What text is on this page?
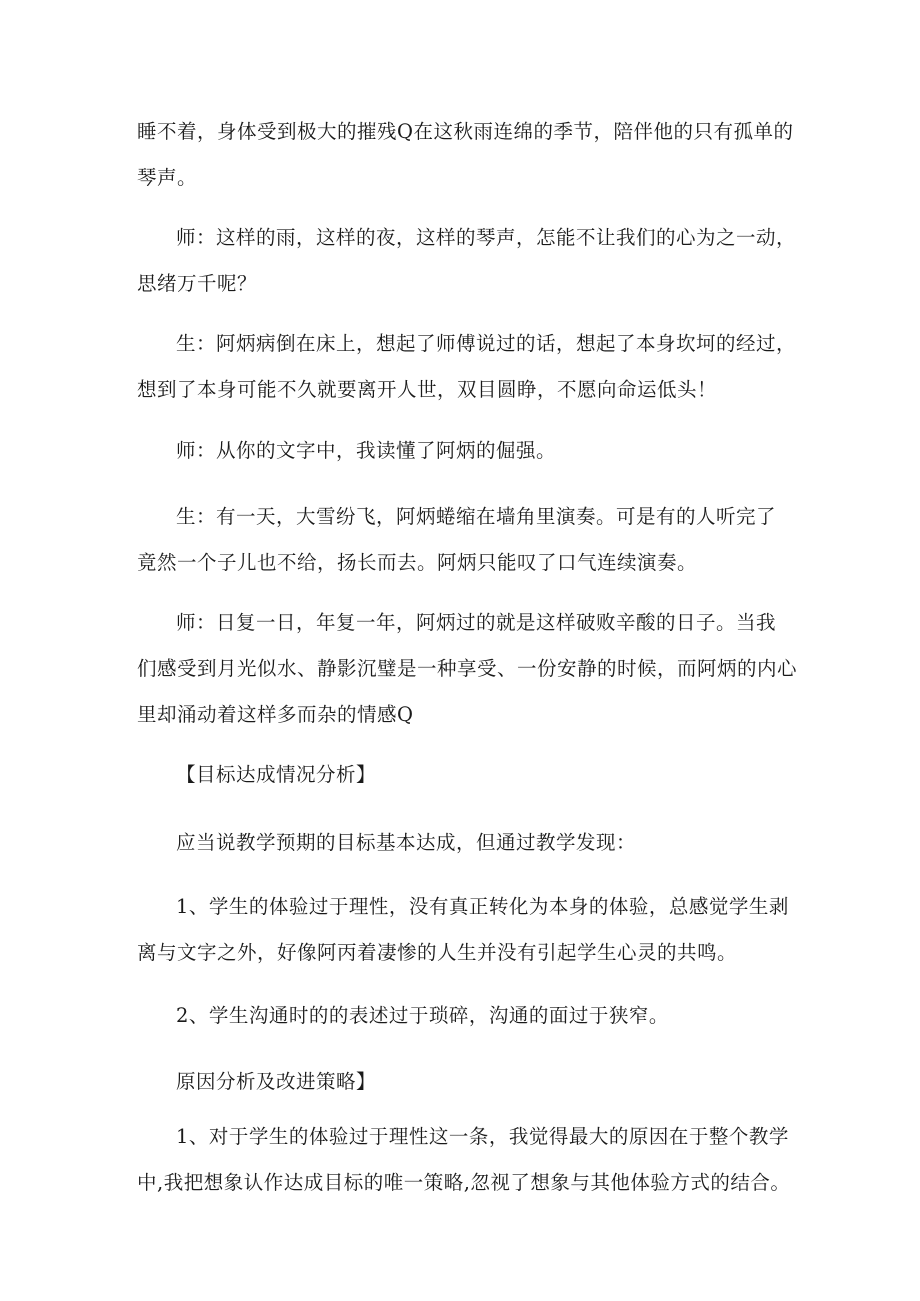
睡不着，身体受到极大的摧残Q在这秋雨连绵的季节，陪伴他的只有孤单的
琴声。

师：这样的雨，这样的夜，这样的琴声，怎能不让我们的心为之一动，
思绪万千呢？

生：阿炳病倒在床上，想起了师傅说过的话，想起了本身坎坷的经过，
想到了本身可能不久就要离开人世，双目圆睁，不愿向命运低头！

师：从你的文字中，我读懂了阿炳的倔强。

生：有一天，大雪纷飞，阿炳蜷缩在墙角里演奏。可是有的人听完了
竟然一个子儿也不给，扬长而去。阿炳只能叹了口气连续演奏。

师：日复一日，年复一年，阿炳过的就是这样破败辛酸的日子。当我
们感受到月光似水、静影沉璧是一种享受、一份安静的时候，而阿炳的内心
里却涌动着这样多而杂的情感Q

【目标达成情况分析】

应当说教学预期的目标基本达成，但通过教学发现：

1、学生的体验过于理性，没有真正转化为本身的体验，总感觉学生剥
离与文字之外，好像阿丙着凄惨的人生并没有引起学生心灵的共鸣。

2、学生沟通时的的表述过于琐碎，沟通的面过于狭窄。

原因分析及改进策略】

1、对于学生的体验过于理性这一条，我觉得最大的原因在于整个教学
中,我把想象认作达成目标的唯一策略,忽视了想象与其他体验方式的结合。
